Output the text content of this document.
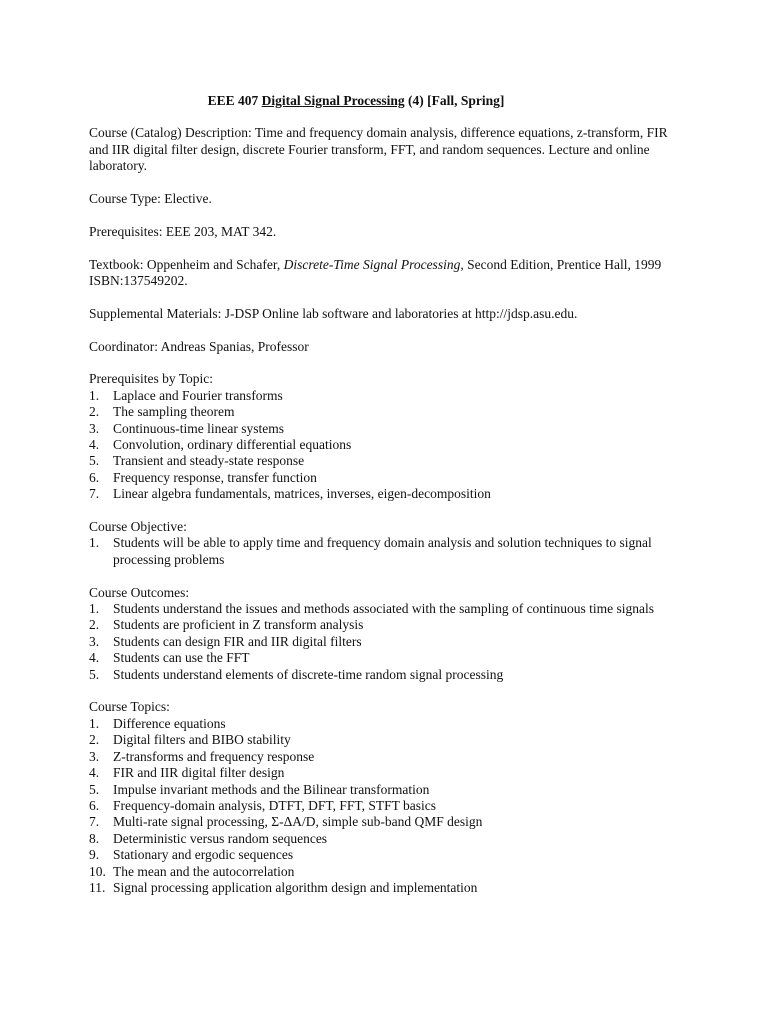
EEE 407 Digital Signal Processing (4) [Fall, Spring]

Course (Catalog) Description: Time and frequency domain analysis, difference equations, z-transform, FIR and IIR digital filter design, discrete Fourier transform, FFT, and random sequences. Lecture and online laboratory.

Course Type: Elective.

Prerequisites: EEE 203, MAT 342.

Textbook: Oppenheim and Schafer, Discrete-Time Signal Processing, Second Edition, Prentice Hall, 1999
ISBN:137549202.

Supplemental Materials: J-DSP Online lab software and laboratories at http://jdsp.asu.edu.

Coordinator: Andreas Spanias, Professor

Prerequisites by Topic:
1.	Laplace and Fourier transforms
2.	The sampling theorem
3.	Continuous-time linear systems
4.	Convolution, ordinary differential equations
5.	Transient and steady-state response
6.	Frequency response, transfer function
7.	Linear algebra fundamentals, matrices, inverses, eigen-decomposition
Course Objective:
1.	Students will be able to apply time and frequency domain analysis and solution techniques to signal processing problems
Course Outcomes:
1.	Students understand the issues and methods associated with the sampling of continuous time signals
2.	Students are proficient in Z transform analysis
3.	Students can design FIR and IIR digital filters
4.	Students can use the FFT
5.	Students understand elements of discrete-time random signal processing
Course Topics:
1.	Difference equations
2.	Digital filters and BIBO stability
3.	Z-transforms and frequency response
4.	FIR and IIR digital filter design
5.	Impulse invariant methods and the Bilinear transformation
6.	Frequency-domain analysis, DTFT, DFT, FFT, STFT basics
7.	Multi-rate signal processing, Σ-ΔA/D, simple sub-band QMF design
8.	Deterministic versus random sequences
9.	Stationary and ergodic sequences
10. The mean and the autocorrelation
11. Signal processing application algorithm design and implementation
